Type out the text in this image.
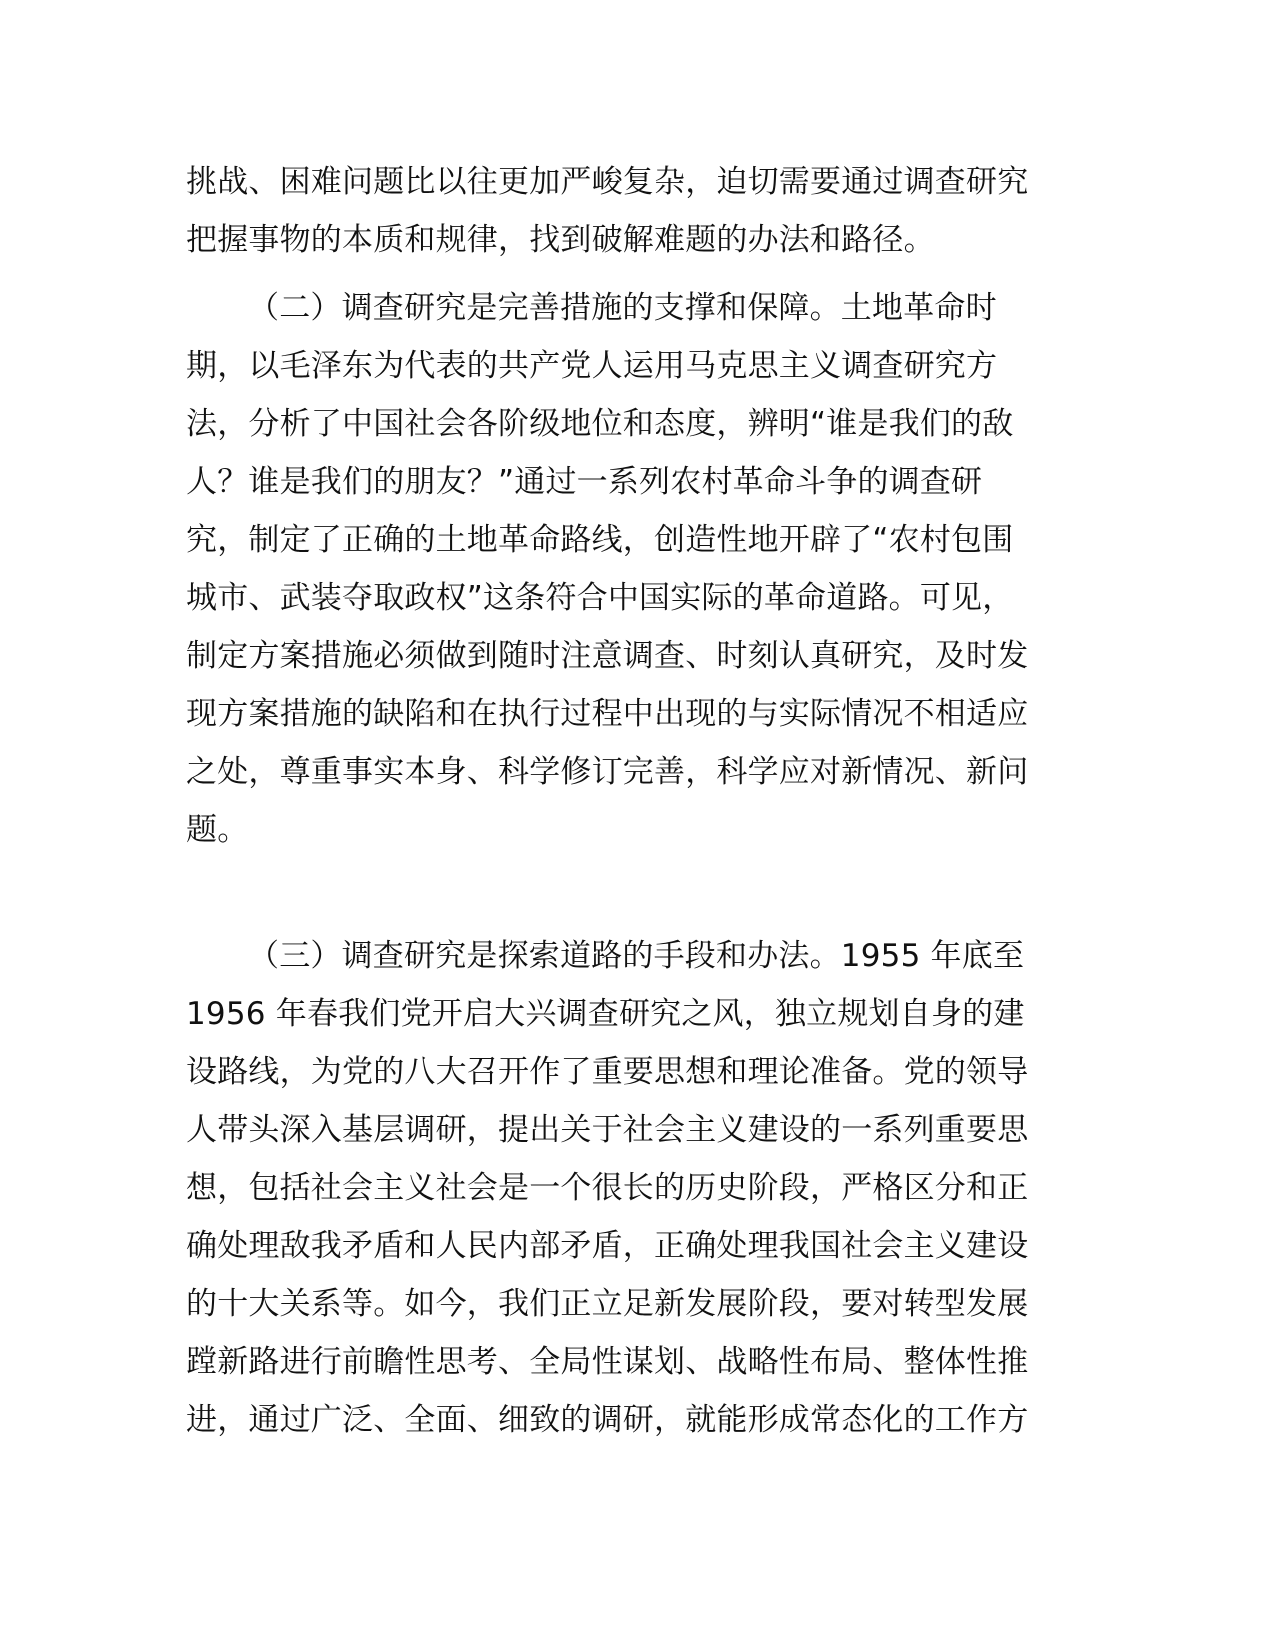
挑战、困难问题比以往更加严峻复杂，迫切需要通过调查研究
把握事物的本质和规律，找到破解难题的办法和路径。
（二）调查研究是完善措施的支撑和保障。土地革命时
期，以毛泽东为代表的共产党人运用马克思主义调查研究方
法，分析了中国社会各阶级地位和态度，辨明“谁是我们的敌
人？谁是我们的朋友？”通过一系列农村革命斗争的调查研
究，制定了正确的土地革命路线，创造性地开辟了“农村包围
城市、武装夺取政权”这条符合中国实际的革命道路。可见，
制定方案措施必须做到随时注意调查、时刻认真研究，及时发
现方案措施的缺陷和在执行过程中出现的与实际情况不相适应
之处，尊重事实本身、科学修订完善，科学应对新情况、新问
题。
（三）调查研究是探索道路的手段和办法。1955 年底至
1956 年春我们党开启大兴调查研究之风，独立规划自身的建
设路线，为党的八大召开作了重要思想和理论准备。党的领导
人带头深入基层调研，提出关于社会主义建设的一系列重要思
想，包括社会主义社会是一个很长的历史阶段，严格区分和正
确处理敌我矛盾和人民内部矛盾，正确处理我国社会主义建设
的十大关系等。如今，我们正立足新发展阶段，要对转型发展
蹚新路进行前瞻性思考、全局性谋划、战略性布局、整体性推
进，通过广泛、全面、细致的调研，就能形成常态化的工作方
